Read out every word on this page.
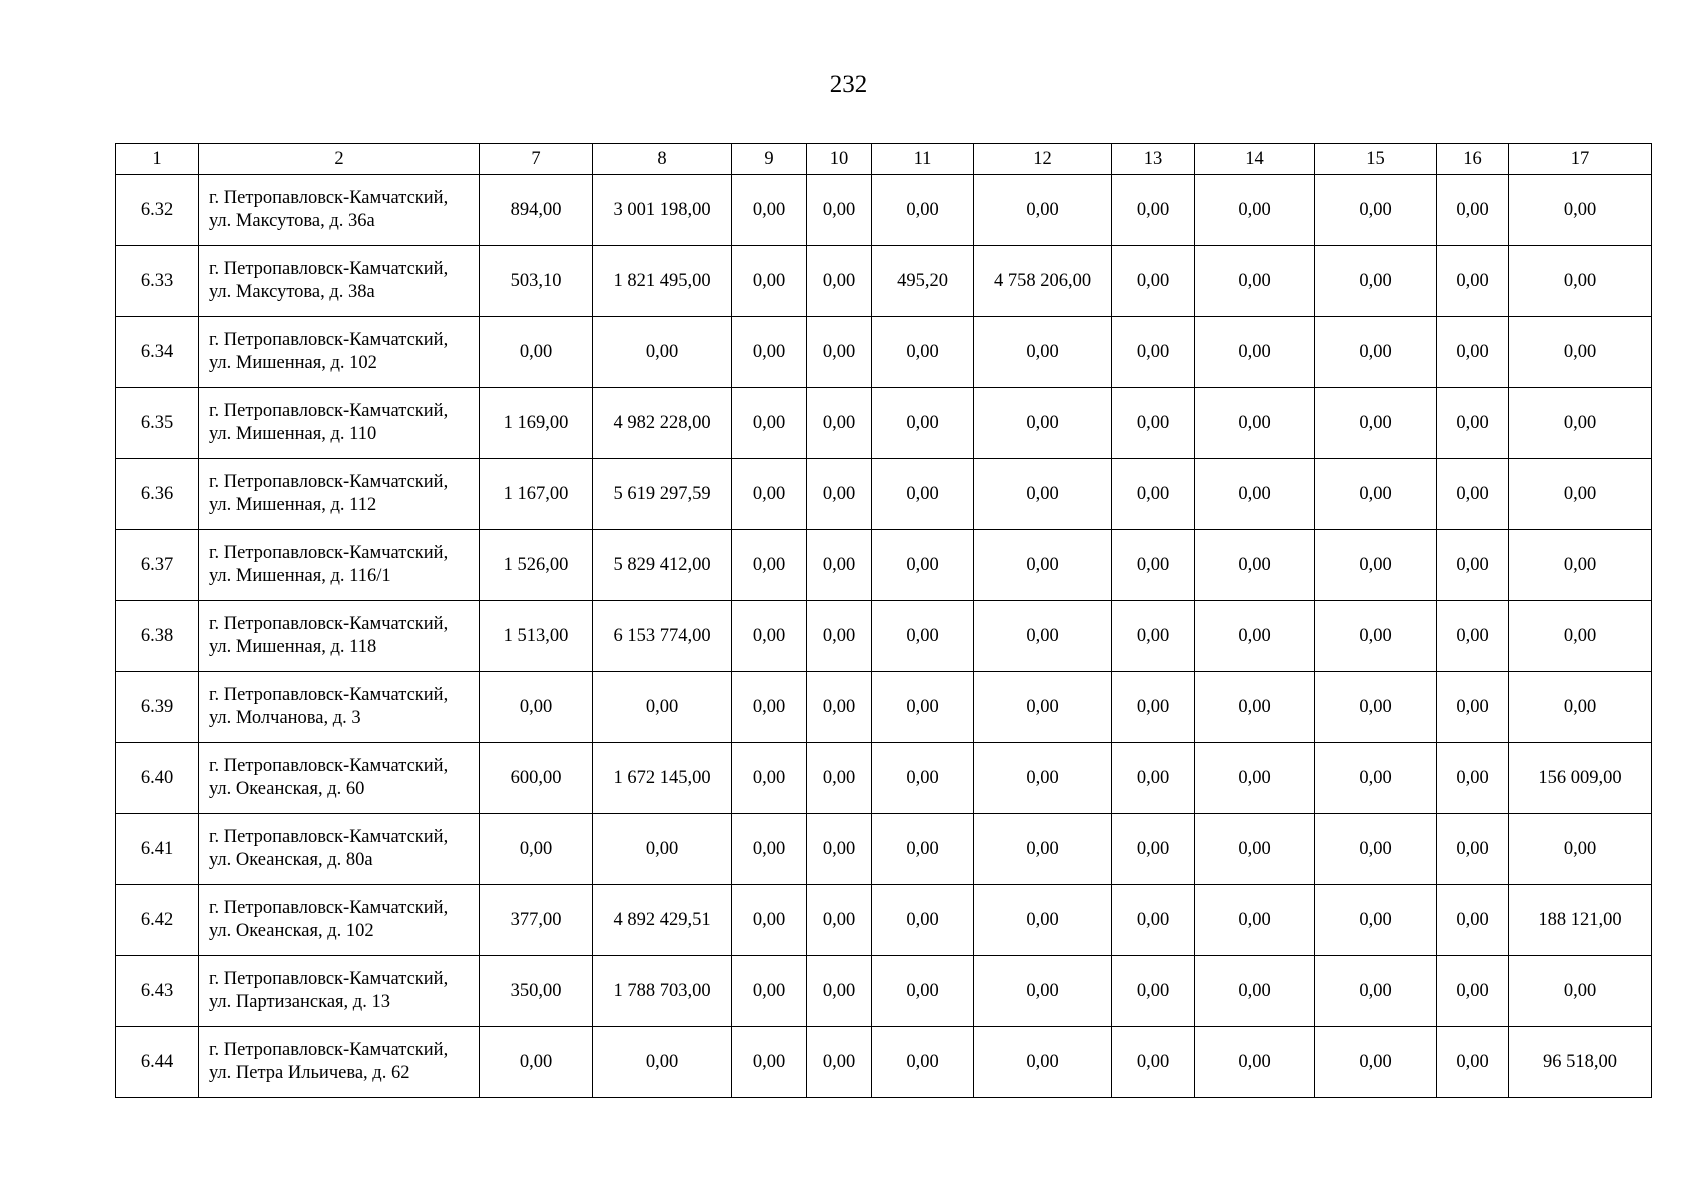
232
1	2	7	8	9	10	11	12	13	14	15	16	17
6.32	г. Петропавловск-Камчатский, ул. Максутова, д. 36а	894,00	3 001 198,00	0,00	0,00	0,00	0,00	0,00	0,00	0,00	0,00	0,00
6.33	г. Петропавловск-Камчатский, ул. Максутова, д. 38а	503,10	1 821 495,00	0,00	0,00	495,20	4 758 206,00	0,00	0,00	0,00	0,00	0,00
6.34	г. Петропавловск-Камчатский, ул. Мишенная, д. 102	0,00	0,00	0,00	0,00	0,00	0,00	0,00	0,00	0,00	0,00	0,00
6.35	г. Петропавловск-Камчатский, ул. Мишенная, д. 110	1 169,00	4 982 228,00	0,00	0,00	0,00	0,00	0,00	0,00	0,00	0,00	0,00
6.36	г. Петропавловск-Камчатский, ул. Мишенная, д. 112	1 167,00	5 619 297,59	0,00	0,00	0,00	0,00	0,00	0,00	0,00	0,00	0,00
6.37	г. Петропавловск-Камчатский, ул. Мишенная, д. 116/1	1 526,00	5 829 412,00	0,00	0,00	0,00	0,00	0,00	0,00	0,00	0,00	0,00
6.38	г. Петропавловск-Камчатский, ул. Мишенная, д. 118	1 513,00	6 153 774,00	0,00	0,00	0,00	0,00	0,00	0,00	0,00	0,00	0,00
6.39	г. Петропавловск-Камчатский, ул. Молчанова, д. 3	0,00	0,00	0,00	0,00	0,00	0,00	0,00	0,00	0,00	0,00	0,00
6.40	г. Петропавловск-Камчатский, ул. Океанская, д. 60	600,00	1 672 145,00	0,00	0,00	0,00	0,00	0,00	0,00	0,00	0,00	156 009,00
6.41	г. Петропавловск-Камчатский, ул. Океанская, д. 80а	0,00	0,00	0,00	0,00	0,00	0,00	0,00	0,00	0,00	0,00	0,00
6.42	г. Петропавловск-Камчатский, ул. Океанская, д. 102	377,00	4 892 429,51	0,00	0,00	0,00	0,00	0,00	0,00	0,00	0,00	188 121,00
6.43	г. Петропавловск-Камчатский, ул. Партизанская, д. 13	350,00	1 788 703,00	0,00	0,00	0,00	0,00	0,00	0,00	0,00	0,00	0,00
6.44	г. Петропавловск-Камчатский, ул. Петра Ильичева, д. 62	0,00	0,00	0,00	0,00	0,00	0,00	0,00	0,00	0,00	0,00	96 518,00
